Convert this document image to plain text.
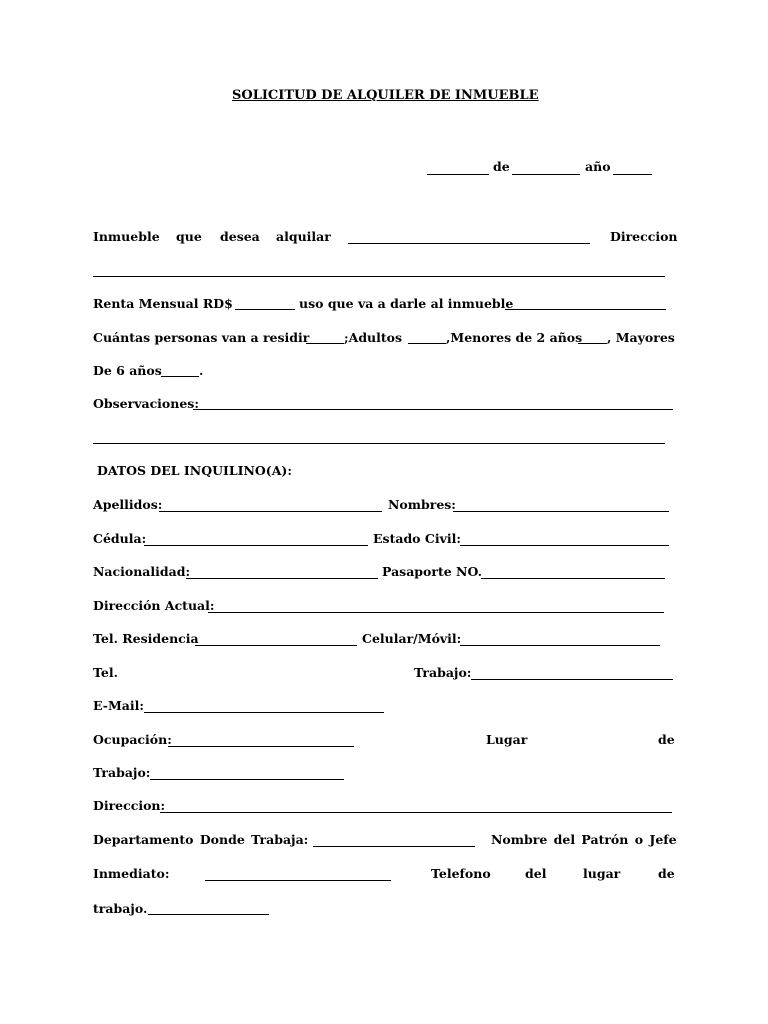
SOLICITUD DE ALQUILER DE INMUEBLE
de	año
Inmueble que desea alquilar	Direccion
Renta Mensual RD$	uso que va a darle al inmueble
Cuántas personas van a residir	;Adultos	,Menores de 2 años , Mayores
De 6 años	.
Observaciones:
DATOS DEL INQUILINO(A):
Apellidos:	Nombres:
Cédula:	Estado Civil:
Nacionalidad:	Pasaporte NO.
Dirección Actual:
Tel. Residencia	Celular/Móvil:
Tel.	Trabajo:
E-Mail:
Ocupación:	Lugar	de
Trabajo:
Direccion:
Departamento Donde Trabaja:	Nombre del Patrón o Jefe
Inmediato:	Telefono	del	lugar	de
trabajo.
